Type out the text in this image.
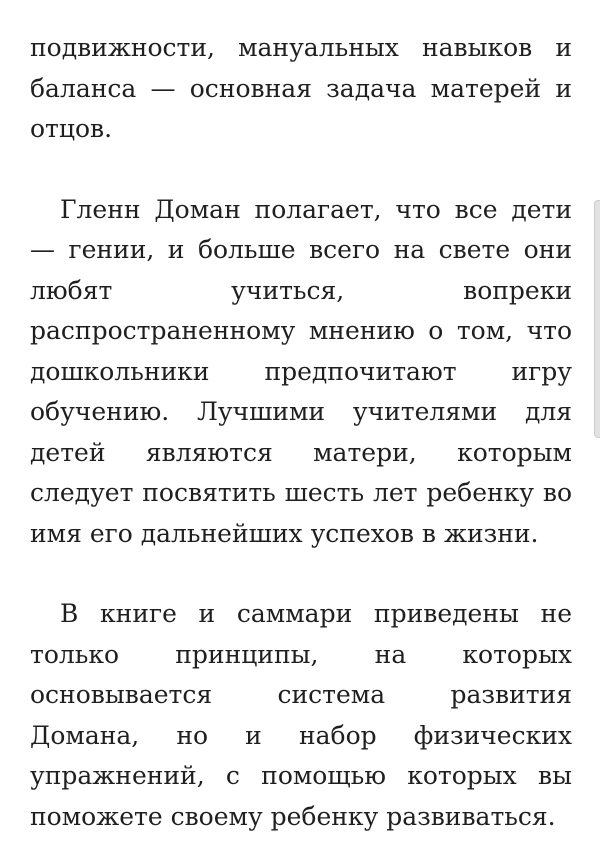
подвижности, мануальных навыков и баланса — основная задача матерей и отцов.

Гленн Доман полагает, что все дети — гении, и больше всего на свете они любят учиться, вопреки распространенному мнению о том, что дошкольники предпочитают игру обучению. Лучшими учителями для детей являются матери, которым следует посвятить шесть лет ребенку во имя его дальнейших успехов в жизни.

В книге и саммари приведены не только принципы, на которых основывается система развития Домана, но и набор физических упражнений, с помощью которых вы поможете своему ребенку развиваться.
